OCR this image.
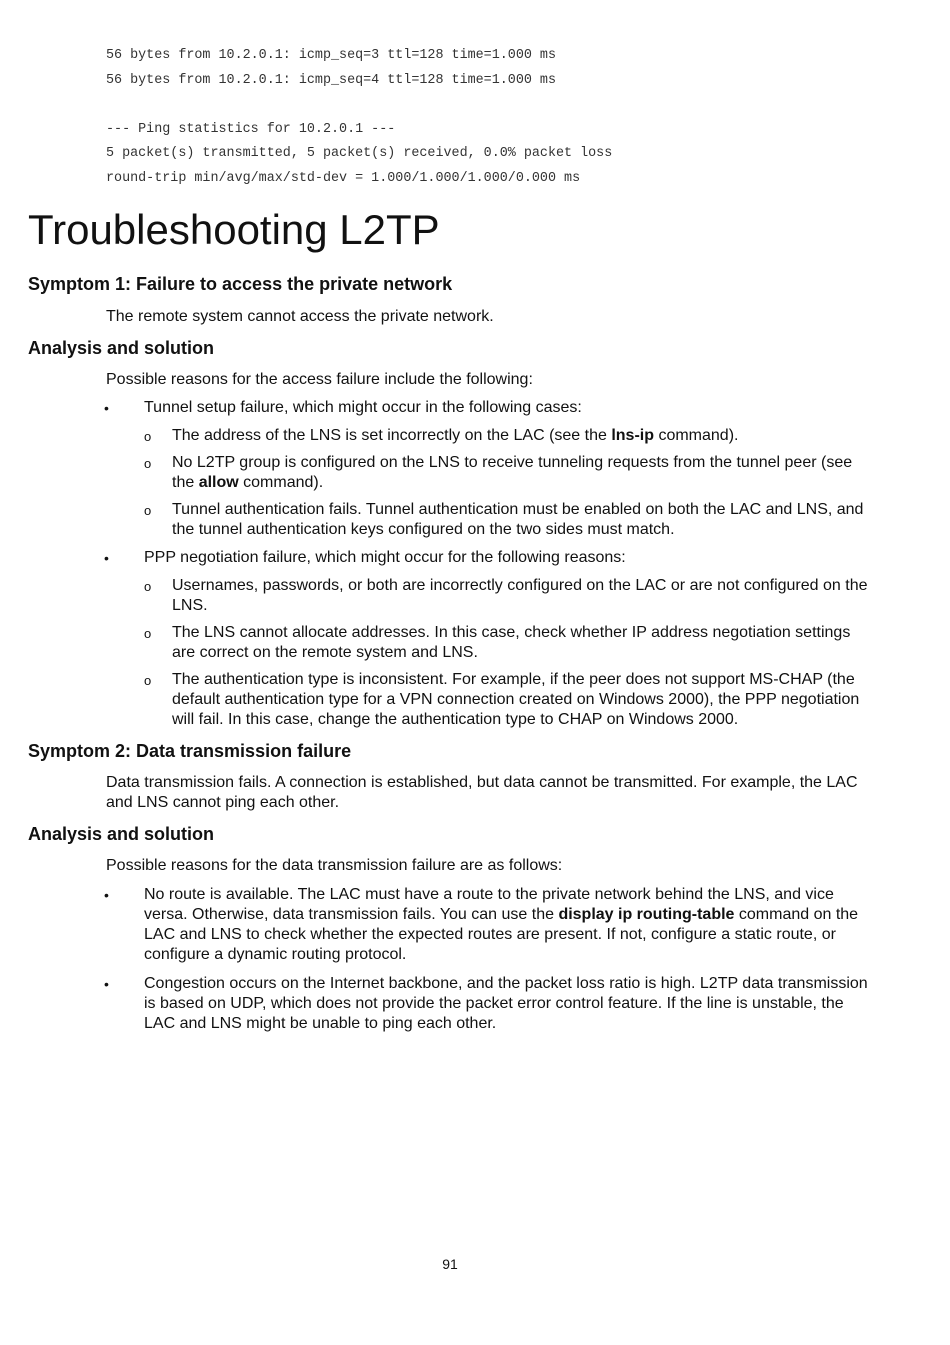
56 bytes from 10.2.0.1: icmp_seq=3 ttl=128 time=1.000 ms
56 bytes from 10.2.0.1: icmp_seq=4 ttl=128 time=1.000 ms
--- Ping statistics for 10.2.0.1 ---
5 packet(s) transmitted, 5 packet(s) received, 0.0% packet loss
round-trip min/avg/max/std-dev = 1.000/1.000/1.000/0.000 ms
Troubleshooting L2TP
Symptom 1: Failure to access the private network

The remote system cannot access the private network.

Analysis and solution

Possible reasons for the access failure include the following:

• Tunnel setup failure, which might occur in the following cases:
o The address of the LNS is set incorrectly on the LAC (see the lns-ip command).
o No L2TP group is configured on the LNS to receive tunneling requests from the tunnel peer (see the allow command).
o Tunnel authentication fails. Tunnel authentication must be enabled on both the LAC and LNS, and the tunnel authentication keys configured on the two sides must match.
• PPP negotiation failure, which might occur for the following reasons:
o Usernames, passwords, or both are incorrectly configured on the LAC or are not configured on the LNS.
o The LNS cannot allocate addresses. In this case, check whether IP address negotiation settings are correct on the remote system and LNS.
o The authentication type is inconsistent. For example, if the peer does not support MS-CHAP (the default authentication type for a VPN connection created on Windows 2000), the PPP negotiation will fail. In this case, change the authentication type to CHAP on Windows 2000.
Symptom 2: Data transmission failure

Data transmission fails. A connection is established, but data cannot be transmitted. For example, the LAC and LNS cannot ping each other.

Analysis and solution

Possible reasons for the data transmission failure are as follows:

• No route is available. The LAC must have a route to the private network behind the LNS, and vice versa. Otherwise, data transmission fails. You can use the display ip routing-table command on the LAC and LNS to check whether the expected routes are present. If not, configure a static route, or configure a dynamic routing protocol.
• Congestion occurs on the Internet backbone, and the packet loss ratio is high. L2TP data transmission is based on UDP, which does not provide the packet error control feature. If the line is unstable, the LAC and LNS might be unable to ping each other.
91
